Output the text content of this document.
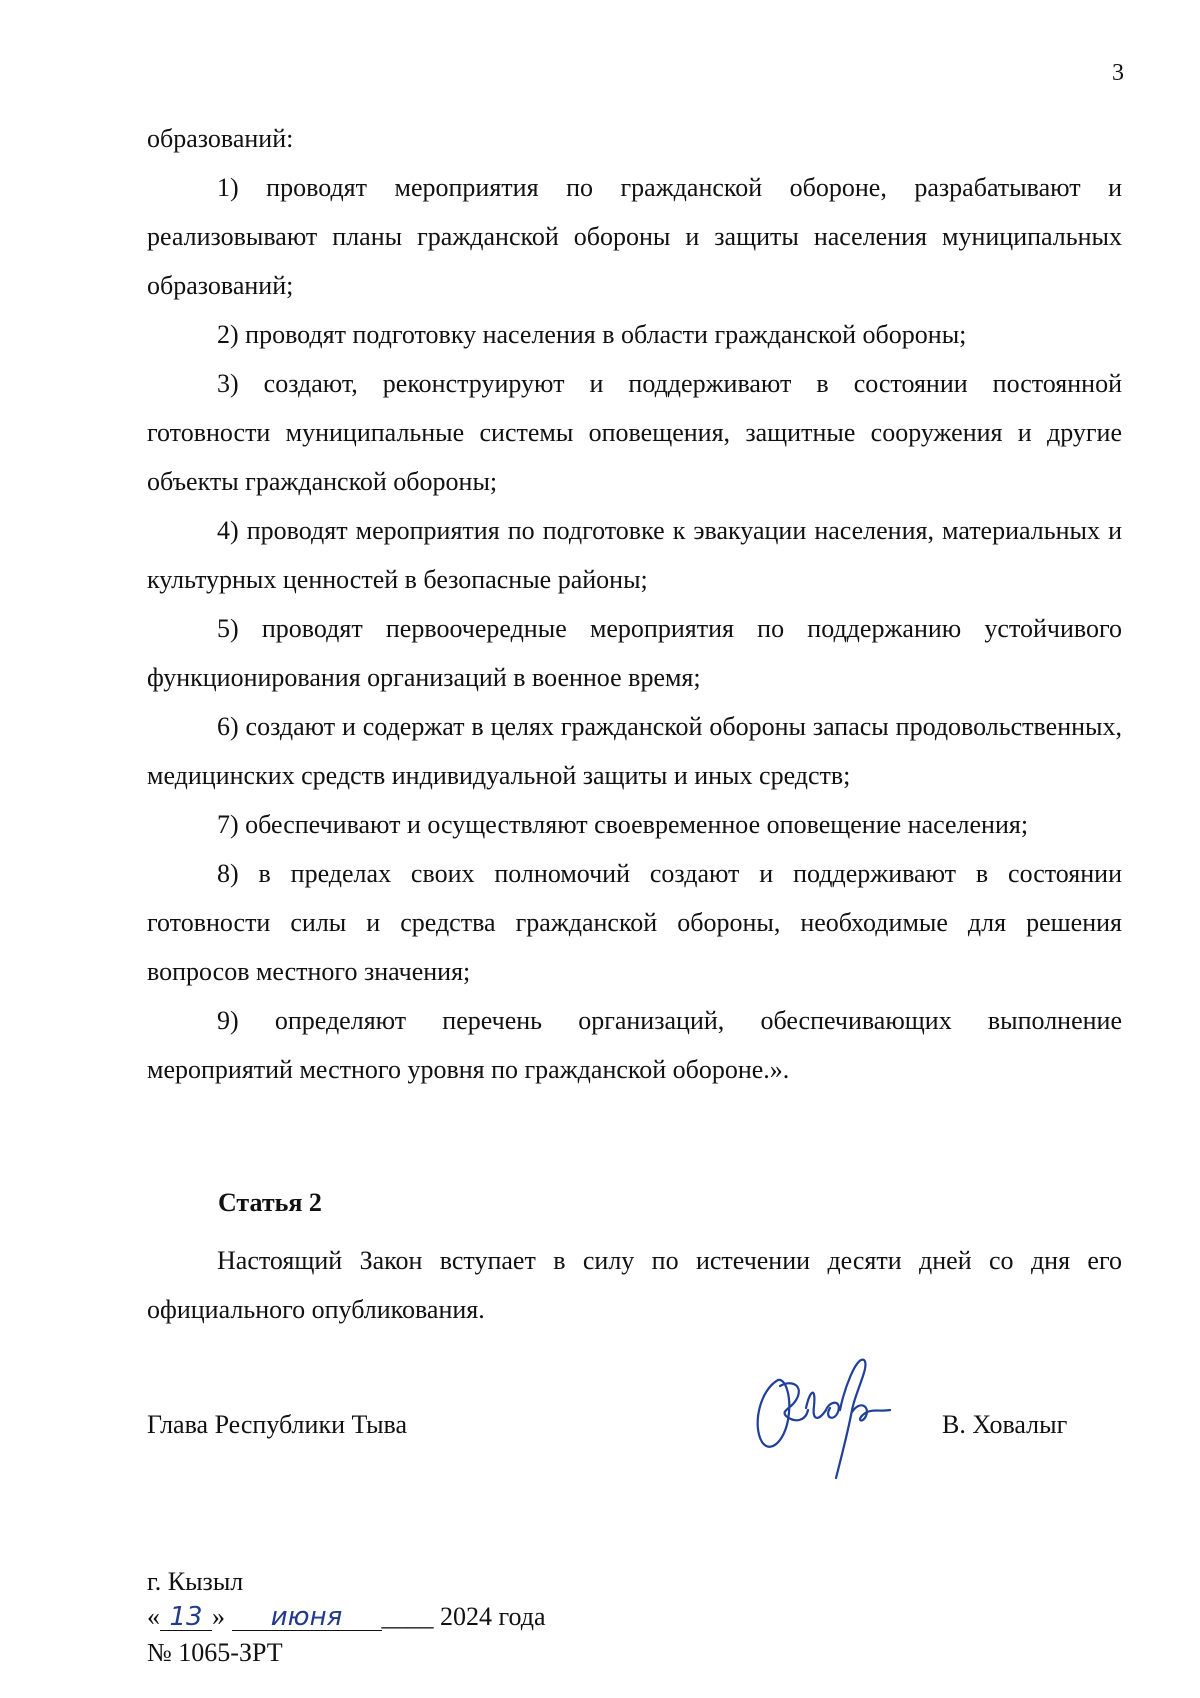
3

образований:

1) проводят мероприятия по гражданской обороне, разрабатывают и реализовывают планы гражданской обороны и защиты населения муниципальных образований;

2) проводят подготовку населения в области гражданской обороны;

3) создают, реконструируют и поддерживают в состоянии постоянной готовности муниципальные системы оповещения, защитные сооружения и другие объекты гражданской обороны;

4) проводят мероприятия по подготовке к эвакуации населения, материальных и культурных ценностей в безопасные районы;

5) проводят первоочередные мероприятия по поддержанию устойчивого функционирования организаций в военное время;

6) создают и содержат в целях гражданской обороны запасы продовольственных, медицинских средств индивидуальной защиты и иных средств;

7) обеспечивают и осуществляют своевременное оповещение населения;

8) в пределах своих полномочий создают и поддерживают в состоянии готовности силы и средства гражданской обороны, необходимые для решения вопросов местного значения;

9) определяют перечень организаций, обеспечивающих выполнение мероприятий местного уровня по гражданской обороне.».

Статья 2
Настоящий Закон вступает в силу по истечении десяти дней со дня его официального опубликования.
Глава Республики Тыва	В. Ховалыг
г. Кызыл
« 13 » июня ____ 2024 года
№ 1065-ЗРТ
